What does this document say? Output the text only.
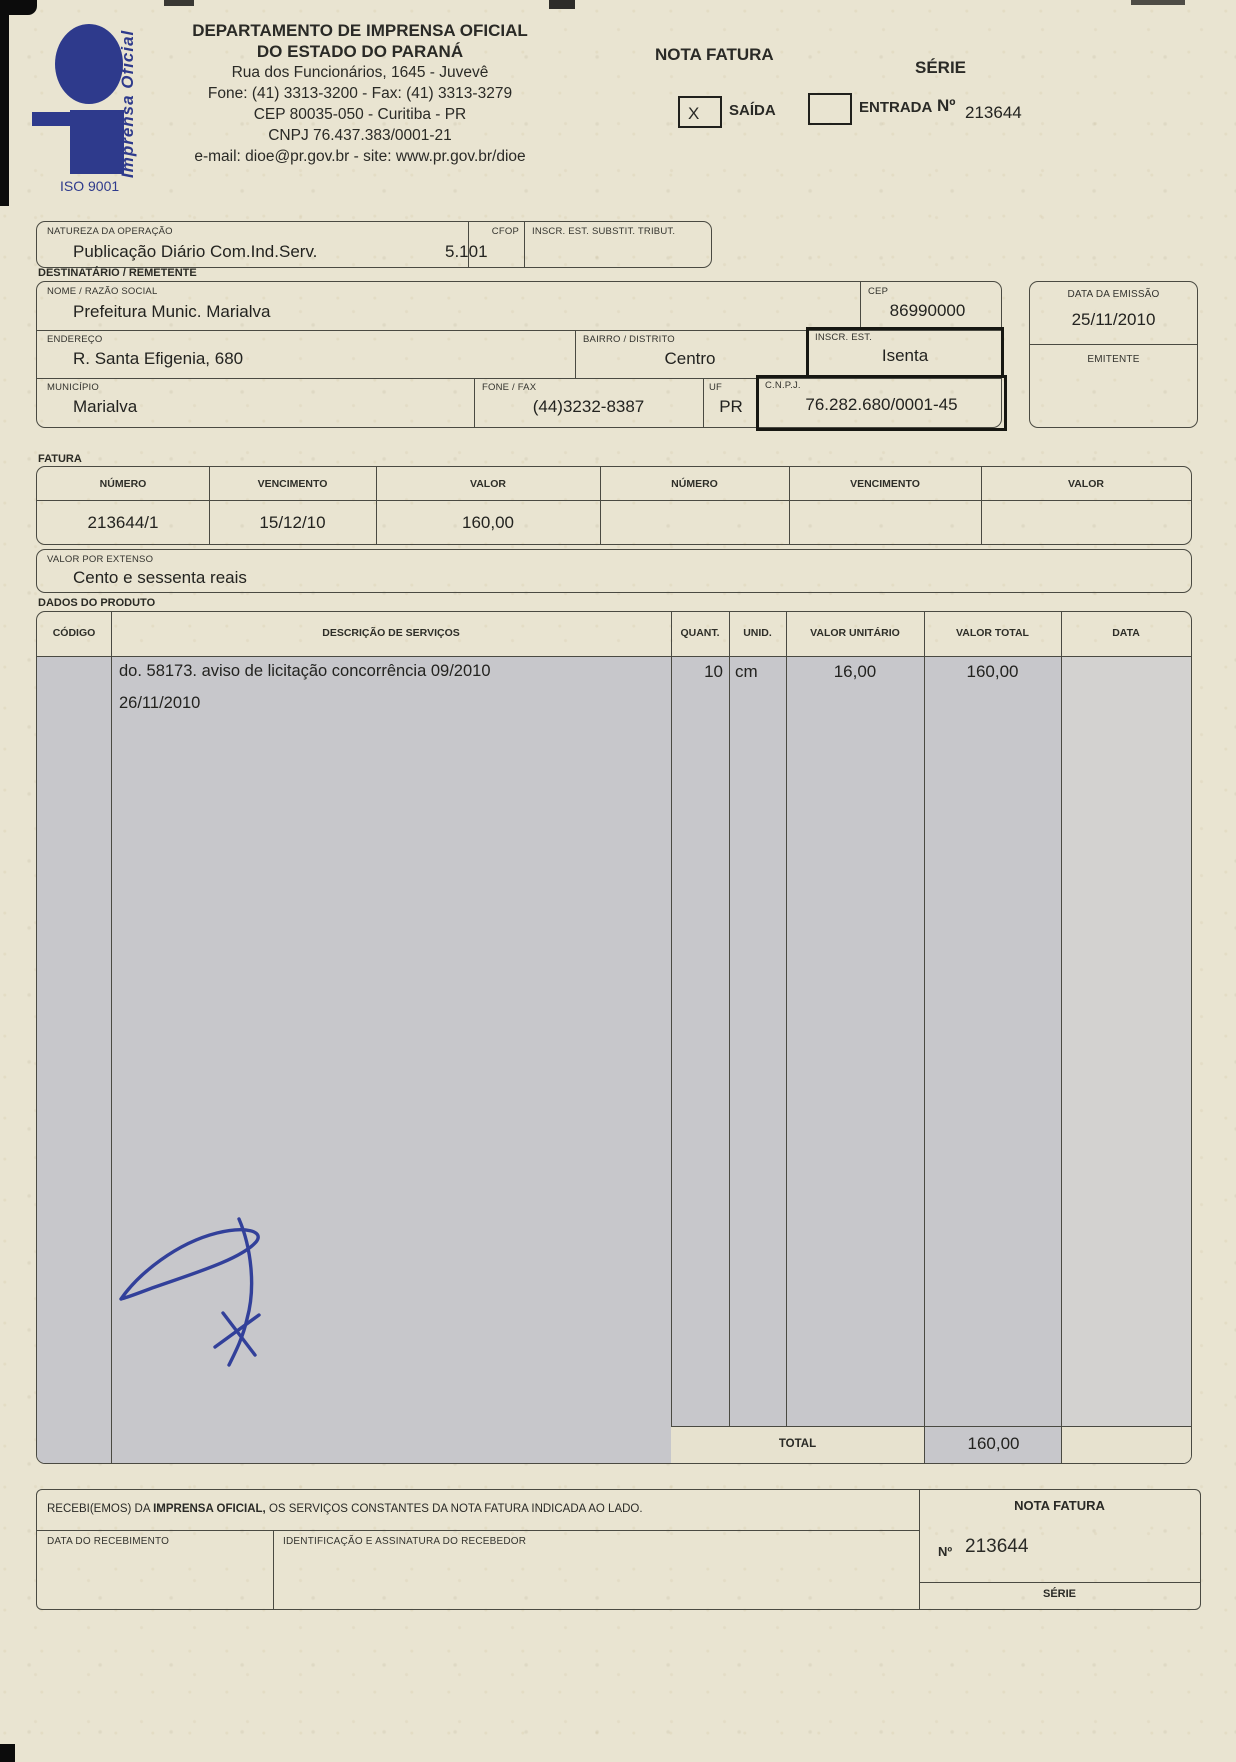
Imprensa Oficial
ISO 9001
DEPARTAMENTO DE IMPRENSA OFICIAL
DO ESTADO DO PARANÁ
Rua dos Funcionários, 1645 - Juvevê
Fone: (41) 3313-3200 - Fax: (41) 3313-3279
CEP 80035-050 - Curitiba - PR
CNPJ 76.437.383/0001-21
e-mail: dioe@pr.gov.br - site: www.pr.gov.br/dioe
NOTA FATURA
X SAÍDA	ENTRADA
SÉRIE
Nº 213644
NATUREZA DA OPERAÇÃO
Publicação Diário Com.Ind.Serv.
CFOP
5.101
INSCR. EST. SUBSTIT. TRIBUT.
DESTINATÁRIO / REMETENTE
NOME / RAZÃO SOCIAL
Prefeitura Munic. Marialva
CEP
86990000
ENDEREÇO
R. Santa Efigenia, 680
BAIRRO / DISTRITO
Centro
INSCR. EST.
Isenta
MUNICÍPIO
Marialva
FONE / FAX
(44)3232-8387
UF
PR
C.N.P.J.
76.282.680/0001-45
DATA DA EMISSÃO
25/11/2010
EMITENTE
FATURA
NÚMERO	VENCIMENTO	VALOR	NÚMERO	VENCIMENTO	VALOR
213644/1	15/12/10	160,00
VALOR POR EXTENSO
Cento e sessenta reais
DADOS DO PRODUTO
CÓDIGO	DESCRIÇÃO DE SERVIÇOS	QUANT.	UNID.	VALOR UNITÁRIO	VALOR TOTAL	DATA
do. 58173. aviso de licitação concorrência 09/2010
26/11/2010
10 cm	16,00	160,00
TOTAL	160,00
RECEBI(EMOS) DA IMPRENSA OFICIAL, OS SERVIÇOS CONSTANTES DA NOTA FATURA INDICADA AO LADO.
DATA DO RECEBIMENTO	IDENTIFICAÇÃO E ASSINATURA DO RECEBEDOR
NOTA FATURA
Nº 213644
SÉRIE
